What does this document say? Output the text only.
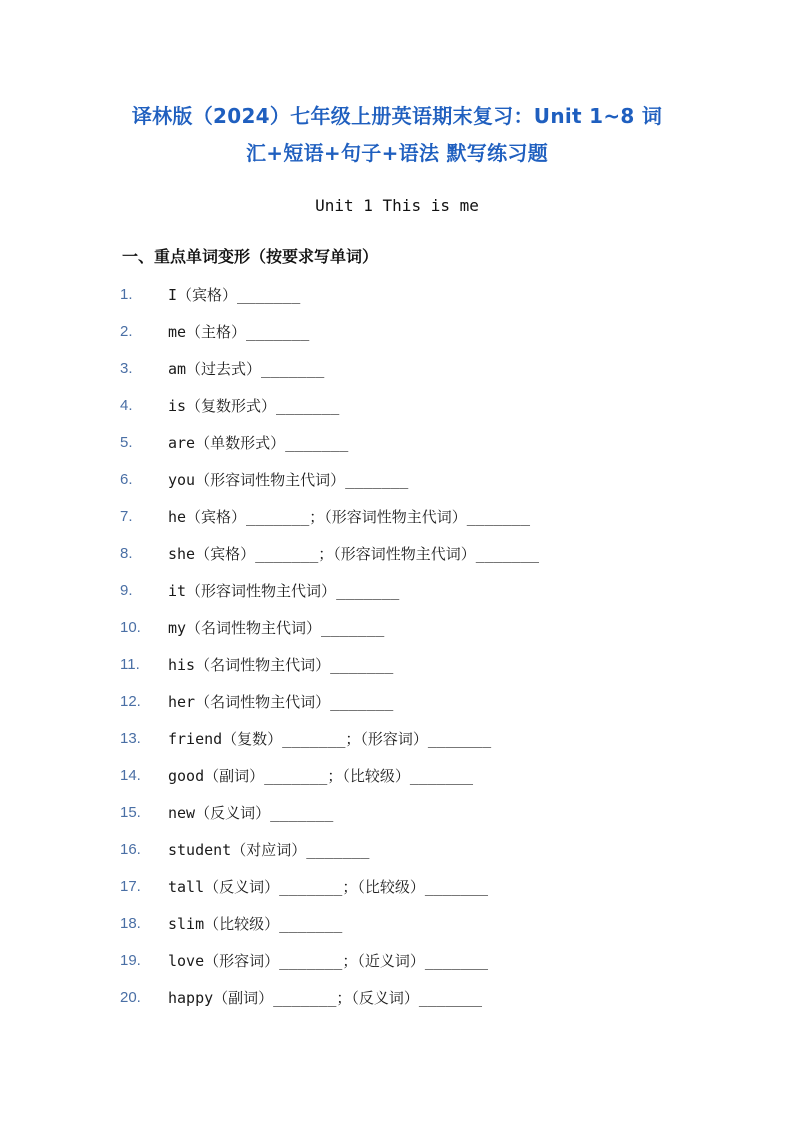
译林版（2024）七年级上册英语期末复习：Unit 1~8 词
汇+短语+句子+语法 默写练习题
Unit 1 This is me
一、重点单词变形（按要求写单词）
1. I（宾格）_______
2. me（主格）_______
3. am（过去式）_______
4. is（复数形式）_______
5. are（单数形式）_______
6. you（形容词性物主代词）_______
7. he（宾格）_______；（形容词性物主代词）_______
8. she（宾格）_______；（形容词性物主代词）_______
9. it（形容词性物主代词）_______
10. my（名词性物主代词）_______
11. his（名词性物主代词）_______
12. her（名词性物主代词）_______
13. friend（复数）_______；（形容词）_______
14. good（副词）_______；（比较级）_______
15. new（反义词）_______
16. student（对应词）_______
17. tall（反义词）_______；（比较级）_______
18. slim（比较级）_______
19. love（形容词）_______；（近义词）_______
20. happy（副词）_______；（反义词）_______
